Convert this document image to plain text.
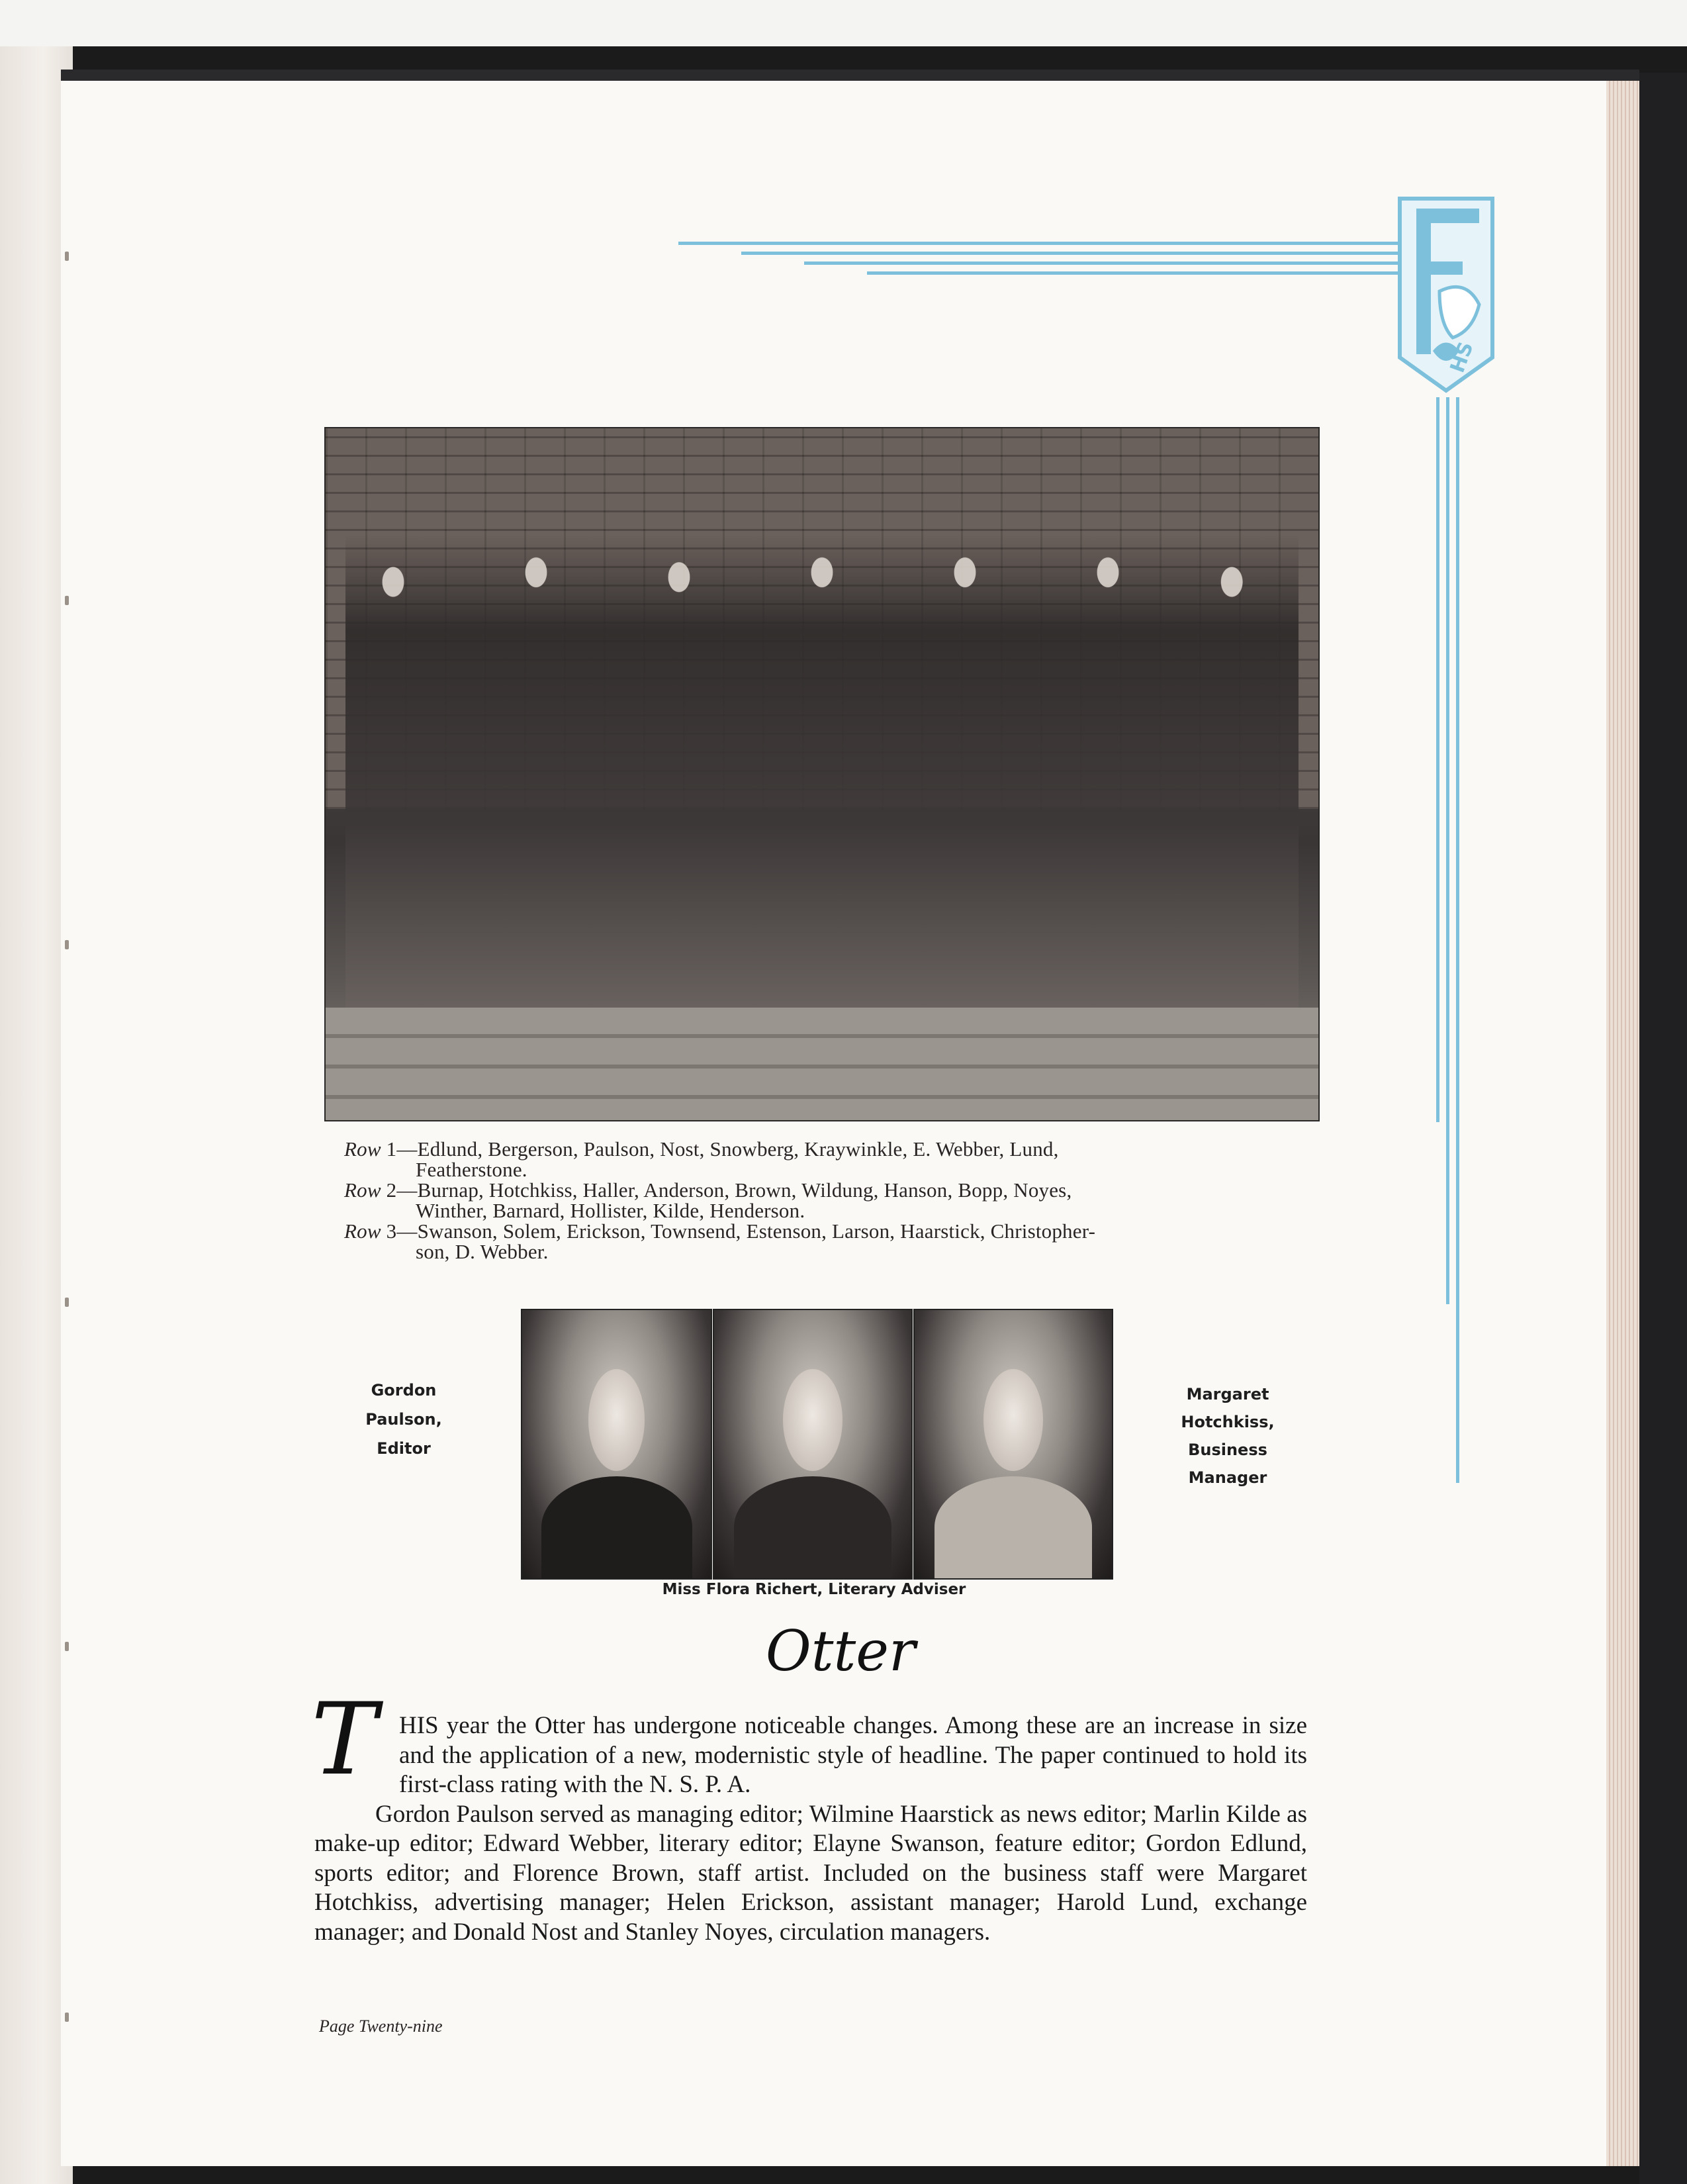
HS
Row 1—Edlund, Bergerson, Paulson, Nost, Snowberg, Kraywinkle, E. Webber, Lund,
Featherstone.
Row 2—Burnap, Hotchkiss, Haller, Anderson, Brown, Wildung, Hanson, Bopp, Noyes,
Winther, Barnard, Hollister, Kilde, Henderson.
Row 3—Swanson, Solem, Erickson, Townsend, Estenson, Larson, Haarstick, Christopher-
son, D. Webber.
Gordon
Paulson,
Editor
Margaret
Hotchkiss,
Business
Manager
Miss Flora Richert, Literary Adviser
Otter
T HIS year the Otter has undergone noticeable changes. Among these are an increase in size and the application of a new, modernistic style of headline. The paper continued to hold its first-class rating with the N. S. P. A.

Gordon Paulson served as managing editor; Wilmine Haarstick as news editor; Marlin Kilde as make-up editor; Edward Webber, literary editor; Elayne Swanson, feature editor; Gordon Edlund, sports editor; and Florence Brown, staff artist. Included on the business staff were Margaret Hotchkiss, advertising manager; Helen Erickson, assistant manager; Harold Lund, exchange manager; and Donald Nost and Stanley Noyes, circulation managers.

Page Twenty-nine
